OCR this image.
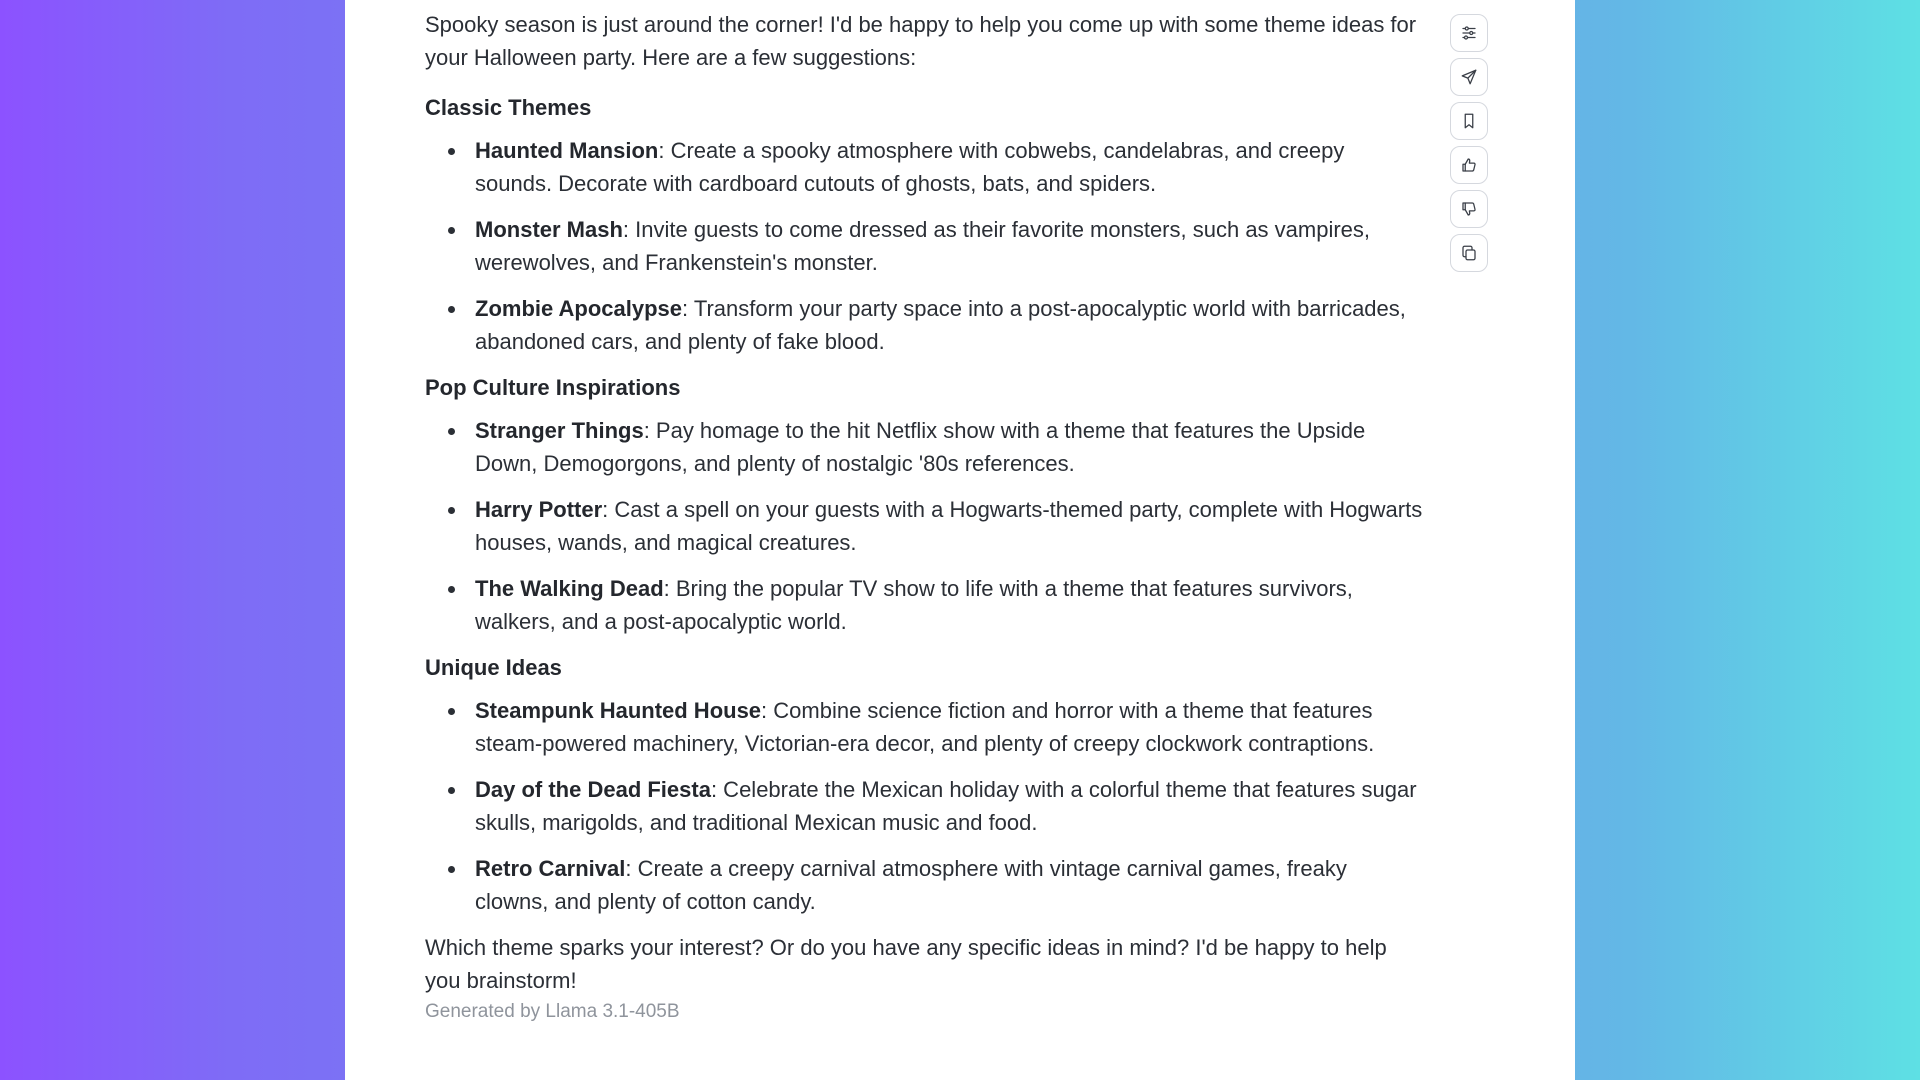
Spooky season is just around the corner! I'd be happy to help you come up with some theme ideas for your Halloween party. Here are a few suggestions:

Classic Themes
Haunted Mansion: Create a spooky atmosphere with cobwebs, candelabras, and creepy sounds. Decorate with cardboard cutouts of ghosts, bats, and spiders.
Monster Mash: Invite guests to come dressed as their favorite monsters, such as vampires, werewolves, and Frankenstein's monster.
Zombie Apocalypse: Transform your party space into a post-apocalyptic world with barricades, abandoned cars, and plenty of fake blood.
Pop Culture Inspirations
Stranger Things: Pay homage to the hit Netflix show with a theme that features the Upside Down, Demogorgons, and plenty of nostalgic '80s references.
Harry Potter: Cast a spell on your guests with a Hogwarts-themed party, complete with Hogwarts houses, wands, and magical creatures.
The Walking Dead: Bring the popular TV show to life with a theme that features survivors, walkers, and a post-apocalyptic world.
Unique Ideas
Steampunk Haunted House: Combine science fiction and horror with a theme that features steam-powered machinery, Victorian-era decor, and plenty of creepy clockwork contraptions.
Day of the Dead Fiesta: Celebrate the Mexican holiday with a colorful theme that features sugar skulls, marigolds, and traditional Mexican music and food.
Retro Carnival: Create a creepy carnival atmosphere with vintage carnival games, freaky clowns, and plenty of cotton candy.

Which theme sparks your interest? Or do you have any specific ideas in mind? I'd be happy to help you brainstorm!

Generated by Llama 3.1-405B
